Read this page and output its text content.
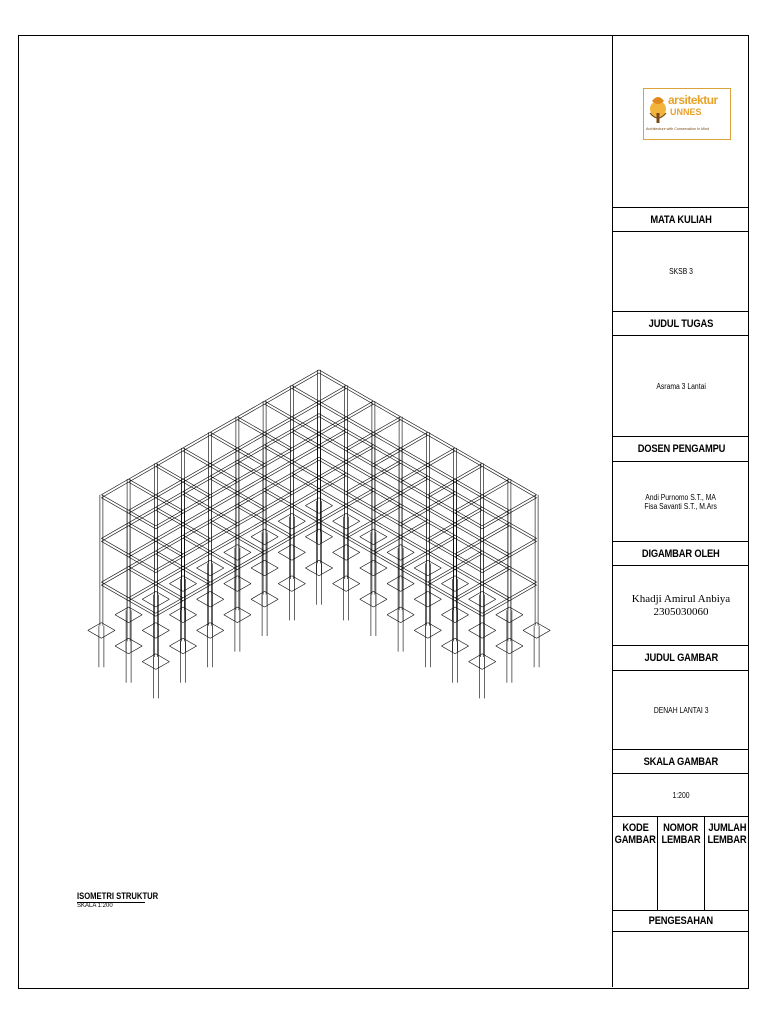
ISOMETRI STRUKTUR
SKALA 1:200
arsitektur
UNNES
Architecture with Conservation In Mind
MATA KULIAH
SKSB 3
JUDUL TUGAS
Asrama 3 Lantai
DOSEN PENGAMPU
Andi Purnomo S.T., MA
Fisa Savanti S.T., M.Ars
DIGAMBAR OLEH
Khadji Amirul Anbiya
2305030060
JUDUL GAMBAR
DENAH LANTAI 3
SKALA GAMBAR
1:200
KODE
GAMBAR
NOMOR
LEMBAR
JUMLAH
LEMBAR
PENGESAHAN
